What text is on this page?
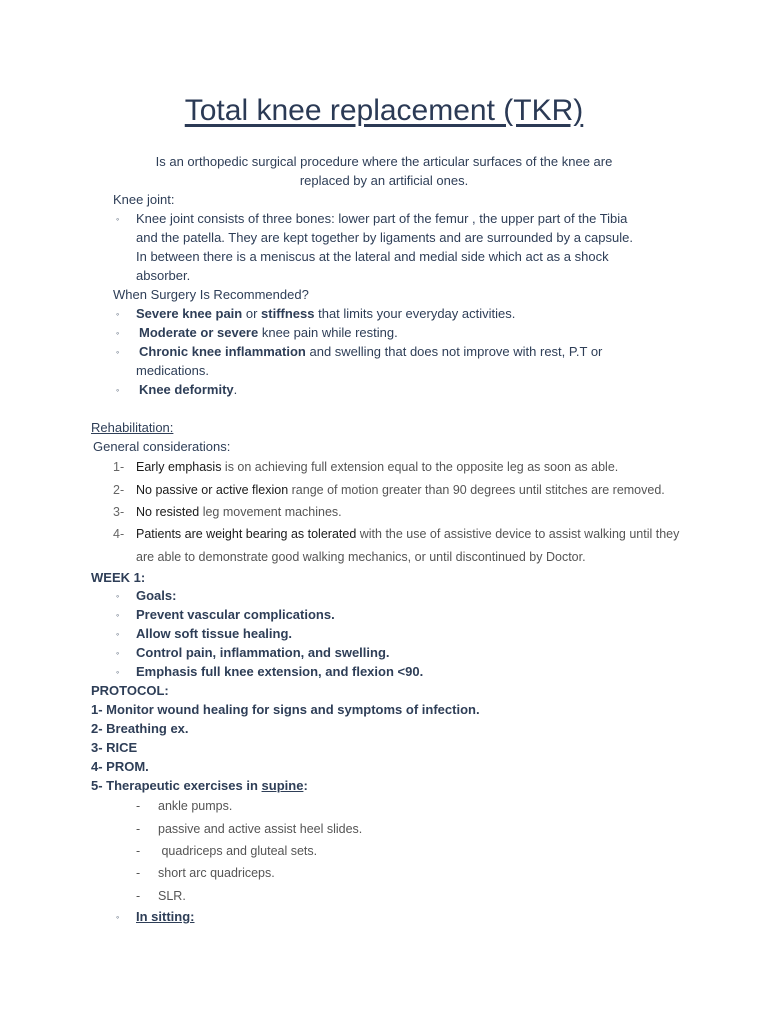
Total knee replacement (TKR)

Is an orthopedic surgical procedure where the articular surfaces of the knee are

replaced by an artificial ones.

Knee joint:

◦ Knee joint consists of three bones: lower part of the femur , the upper part of the Tibia

and the patella. They are kept together by ligaments and are surrounded by a capsule.

In between there is a meniscus at the lateral and medial side which act as a shock

absorber.

When Surgery Is Recommended?

◦ Severe knee pain or stiffness that limits your everyday activities.

◦ Moderate or severe knee pain while resting.

◦ Chronic knee inflammation and swelling that does not improve with rest, P.T or

medications.

◦ Knee deformity.

Rehabilitation:

General considerations:

1- Early emphasis is on achieving full extension equal to the opposite leg as soon as able.

2- No passive or active flexion range of motion greater than 90 degrees until stitches are removed.

3- No resisted leg movement machines.

4- Patients are weight bearing as tolerated with the use of assistive device to assist walking until they

are able to demonstrate good walking mechanics, or until discontinued by Doctor.

WEEK 1:

◦ Goals:

◦ Prevent vascular complications.

◦ Allow soft tissue healing.

◦ Control pain, inflammation, and swelling.

◦ Emphasis full knee extension, and flexion <90.

PROTOCOL:

1- Monitor wound healing for signs and symptoms of infection.

2- Breathing ex.

3- RICE

4- PROM.

5- Therapeutic exercises in supine:

- ankle pumps.

- passive and active assist heel slides.

- quadriceps and gluteal sets.

- short arc quadriceps.

- SLR.

◦ In sitting:
